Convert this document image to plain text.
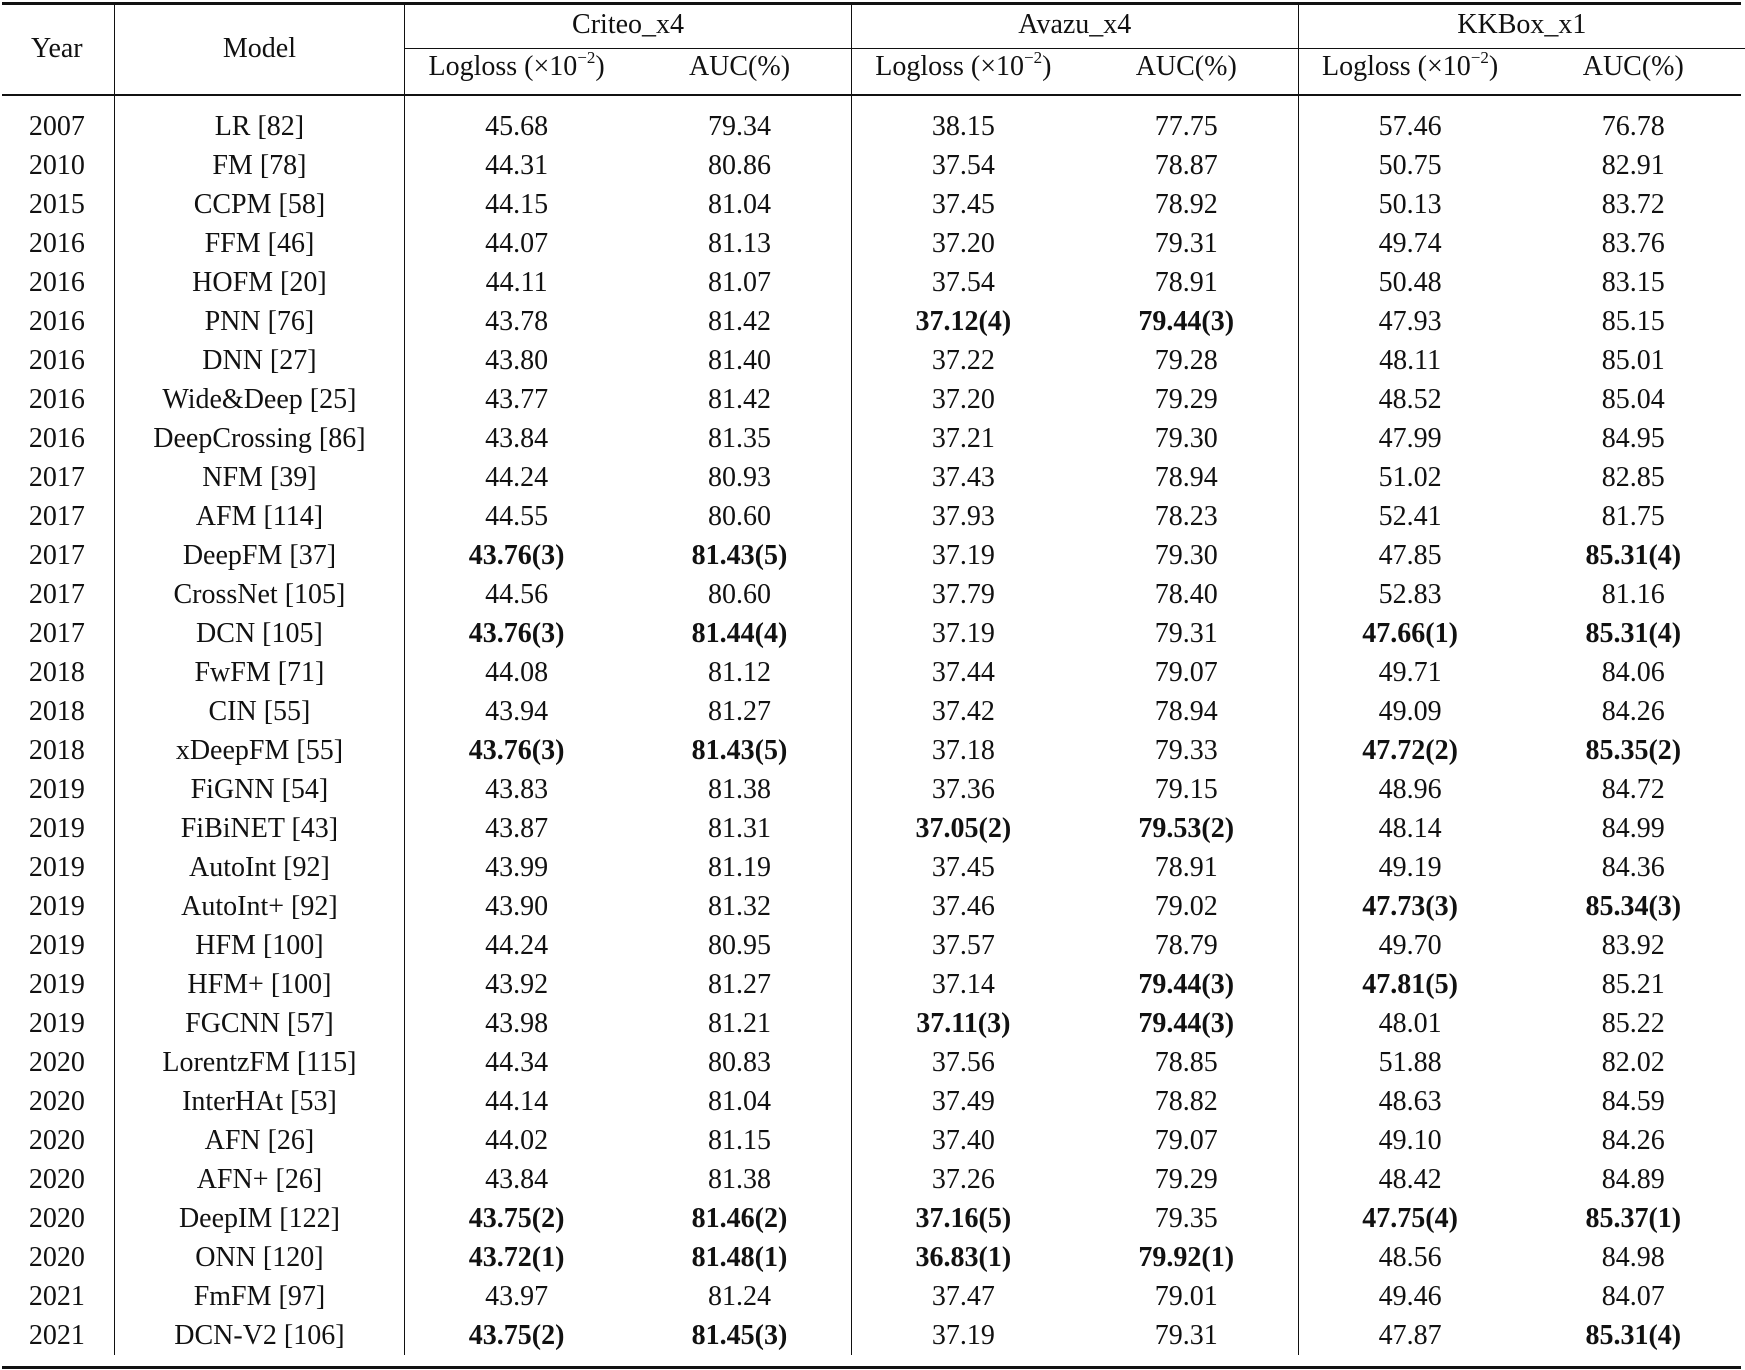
Year	Model	Criteo_x4		Avazu_x4		KKBox_x1	
		Logloss $(\times 10^{-2})$	AUC(%)	Logloss $(\times 10^{-2})$	AUC(%)	Logloss $(\times 10^{-2})$	AUC(%)
2007	LR [82]	45.68	79.34	38.15	77.75	57.46	76.78
2010	FM [78]	44.31	80.86	37.54	78.87	50.75	82.91
2015	CCPM [58]	44.15	81.04	37.45	78.92	50.13	83.72
2016	FFM [46]	44.07	81.13	37.20	79.31	49.74	83.76
2016	HOFM [20]	44.11	81.07	37.54	78.91	50.48	83.15
2016	PNN [76]	43.78	81.42	37.12(4)	79.44(3)	47.93	85.15
2016	DNN [27]	43.80	81.40	37.22	79.28	48.11	85.01
2016	Wide&Deep [25]	43.77	81.42	37.20	79.29	48.52	85.04
2016	DeepCrossing [86]	43.84	81.35	37.21	79.30	47.99	84.95
2017	NFM [39]	44.24	80.93	37.43	78.94	51.02	82.85
2017	AFM [114]	44.55	80.60	37.93	78.23	52.41	81.75
2017	DeepFM [37]	43.76(3)	81.43(5)	37.19	79.30	47.85	85.31(4)
2017	CrossNet [105]	44.56	80.60	37.79	78.40	52.83	81.16
2017	DCN [105]	43.76(3)	81.44(4)	37.19	79.31	47.66(1)	85.31(4)
2018	FwFM [71]	44.08	81.12	37.44	79.07	49.71	84.06
2018	CIN [55]	43.94	81.27	37.42	78.94	49.09	84.26
2018	xDeepFM [55]	43.76(3)	81.43(5)	37.18	79.33	47.72(2)	85.35(2)
2019	FiGNN [54]	43.83	81.38	37.36	79.15	48.96	84.72
2019	FiBiNET [43]	43.87	81.31	37.05(2)	79.53(2)	48.14	84.99
2019	AutoInt [92]	43.99	81.19	37.45	78.91	49.19	84.36
2019	AutoInt+ [92]	43.90	81.32	37.46	79.02	47.73(3)	85.34(3)
2019	HFM [100]	44.24	80.95	37.57	78.79	49.70	83.92
2019	HFM+ [100]	43.92	81.27	37.14	79.44(3)	47.81(5)	85.21
2019	FGCNN [57]	43.98	81.21	37.11(3)	79.44(3)	48.01	85.22
2020	LorentzFM [115]	44.34	80.83	37.56	78.85	51.88	82.02
2020	InterHAt [53]	44.14	81.04	37.49	78.82	48.63	84.59
2020	AFN [26]	44.02	81.15	37.40	79.07	49.10	84.26
2020	AFN+ [26]	43.84	81.38	37.26	79.29	48.42	84.89
2020	DeepIM [122]	43.75(2)	81.46(2)	37.16(5)	79.35	47.75(4)	85.37(1)
2020	ONN [120]	43.72(1)	81.48(1)	36.83(1)	79.92(1)	48.56	84.98
2021	FmFM [97]	43.97	81.24	37.47	79.01	49.46	84.07
2021	DCN-V2 [106]	43.75(2)	81.45(3)	37.19	79.31	47.87	85.31(4)
